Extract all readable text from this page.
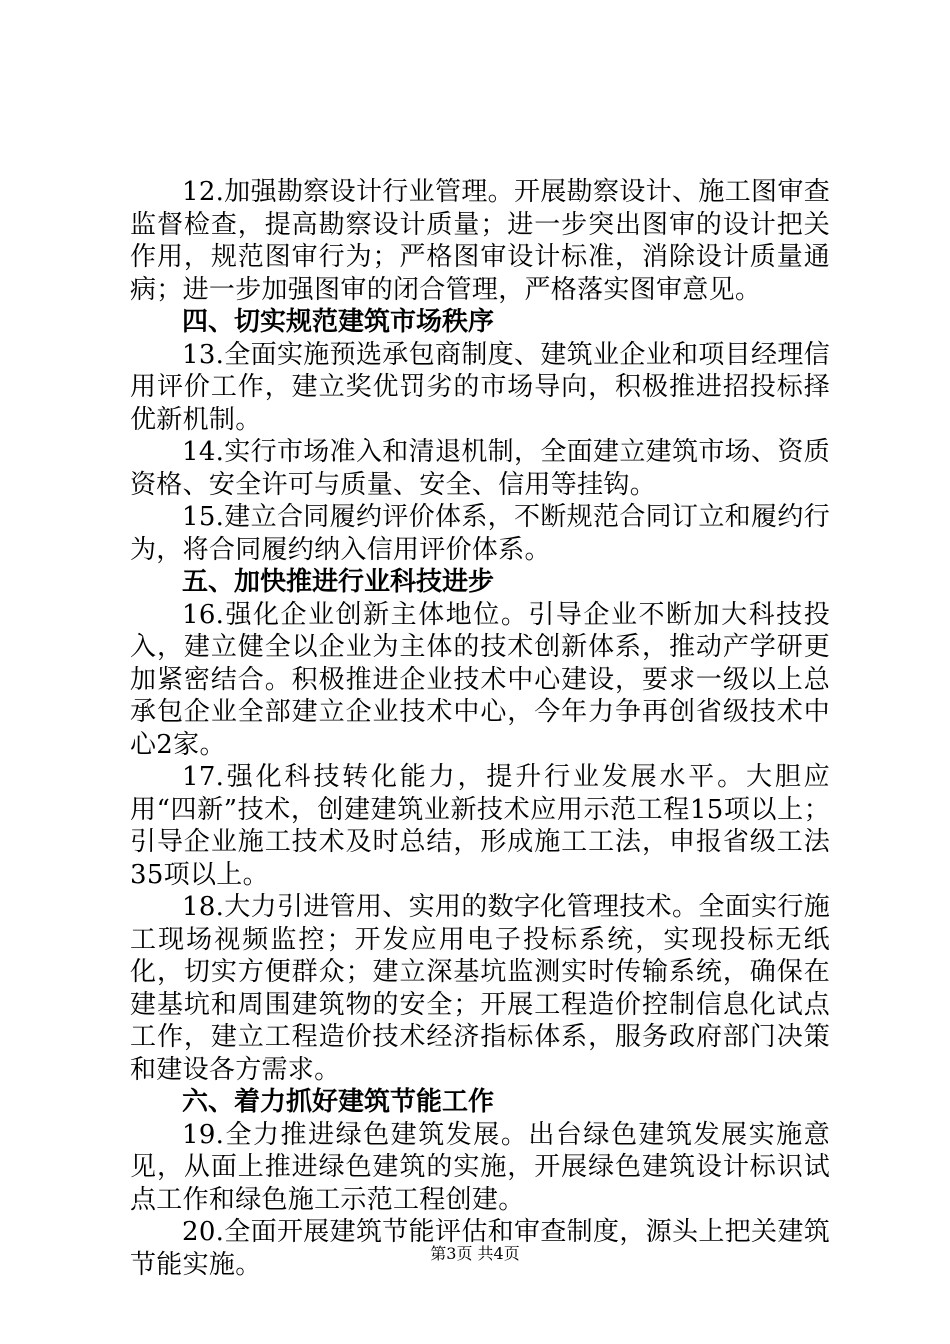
12.加强勘察设计行业管理。开展勘察设计、施工图审查监督检查，提高勘察设计质量；进一步突出图审的设计把关作用，规范图审行为；严格图审设计标准，消除设计质量通病；进一步加强图审的闭合管理，严格落实图审意见。

四、切实规范建筑市场秩序

13.全面实施预选承包商制度、建筑业企业和项目经理信用评价工作，建立奖优罚劣的市场导向，积极推进招投标择优新机制。

14.实行市场准入和清退机制，全面建立建筑市场、资质资格、安全许可与质量、安全、信用等挂钩。

15.建立合同履约评价体系，不断规范合同订立和履约行为，将合同履约纳入信用评价体系。

五、加快推进行业科技进步

16.强化企业创新主体地位。引导企业不断加大科技投入，建立健全以企业为主体的技术创新体系，推动产学研更加紧密结合。积极推进企业技术中心建设，要求一级以上总承包企业全部建立企业技术中心，今年力争再创省级技术中心2家。

17.强化科技转化能力，提升行业发展水平。大胆应用“四新”技术，创建建筑业新技术应用示范工程15项以上；引导企业施工技术及时总结，形成施工工法，申报省级工法35项以上。

18.大力引进管用、实用的数字化管理技术。全面实行施工现场视频监控；开发应用电子投标系统，实现投标无纸化，切实方便群众；建立深基坑监测实时传输系统，确保在建基坑和周围建筑物的安全；开展工程造价控制信息化试点工作，建立工程造价技术经济指标体系，服务政府部门决策和建设各方需求。

六、着力抓好建筑节能工作

19.全力推进绿色建筑发展。出台绿色建筑发展实施意见，从面上推进绿色建筑的实施，开展绿色建筑设计标识试点工作和绿色施工示范工程创建。

20.全面开展建筑节能评估和审查制度，源头上把关建筑节能实施。	第3页 共4页
